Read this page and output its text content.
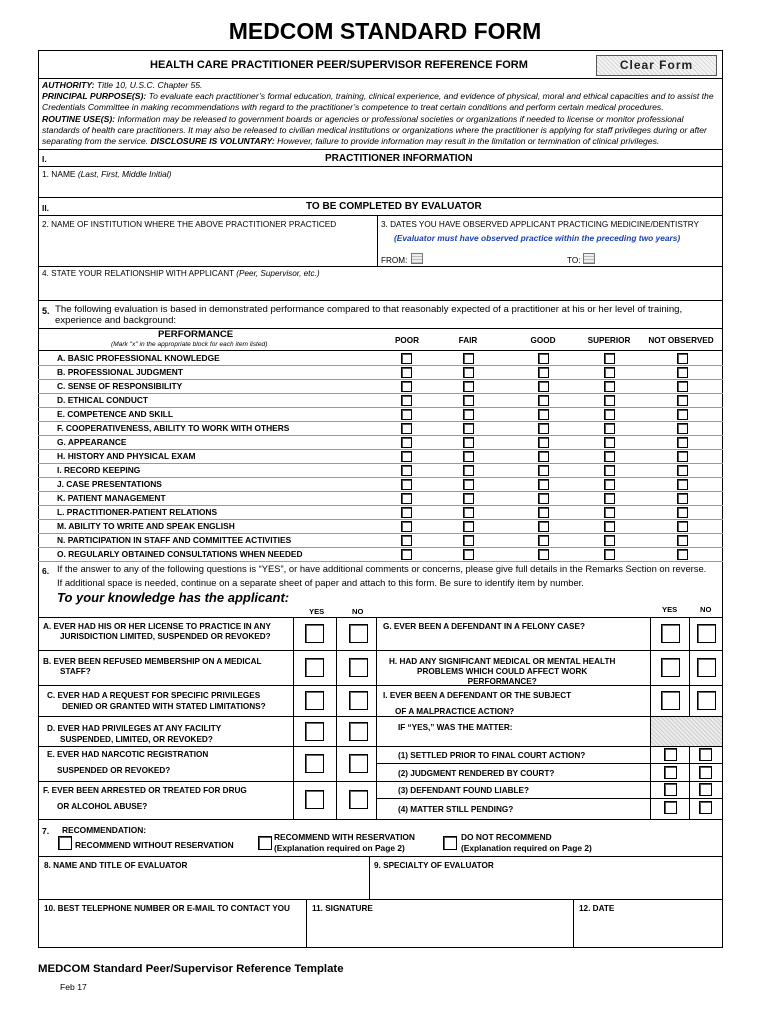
MEDCOM STANDARD FORM
HEALTH CARE PRACTITIONER PEER/SUPERVISOR REFERENCE FORM	Clear Form
AUTHORITY: Title 10, U.S.C. Chapter 55.
PRINCIPAL PURPOSE(S): To evaluate each practitioner’s formal education, training, clinical experience, and evidence of physical, moral and ethical capacities and to assist the
Credentials Committee in making recommendations with regard to the practitioner’s competence to treat certain conditions and perform certain medical procedures.
ROUTINE USE(S): Information may be released to government boards or agencies or professional societies or organizations if needed to license or monitor professional
standards of health care practitioners. It may also be released to civilian medical institutions or organizations where the practitioner is applying for staff privileges during or after
separating from the service. DISCLOSURE IS VOLUNTARY: However, failure to provide information may result in the limitation or termination of clinical privileges.
I.	PRACTITIONER INFORMATION
1. NAME (Last, First, Middle Initial)
II.	TO BE COMPLETED BY EVALUATOR
2. NAME OF INSTITUTION WHERE THE ABOVE PRACTITIONER PRACTICED	3. DATES YOU HAVE OBSERVED APPLICANT PRACTICING MEDICINE/DENTISTRY
(Evaluator must have observed practice within the preceding two years)
FROM:	TO:
4. STATE YOUR RELATIONSHIP WITH APPLICANT (Peer, Supervisor, etc.)
5. The following evaluation is based in demonstrated performance compared to that reasonably expected of a practitioner at his or her level of training,
experience and background:
PERFORMANCE
(Mark "x" in the appropriate block for each item listed)	POOR	FAIR	GOOD	SUPERIOR NOT OBSERVED
A. BASIC PROFESSIONAL KNOWLEDGE
B. PROFESSIONAL JUDGMENT
C. SENSE OF RESPONSIBILITY
D. ETHICAL CONDUCT
E. COMPETENCE AND SKILL
F. COOPERATIVENESS, ABILITY TO WORK WITH OTHERS
G. APPEARANCE
H. HISTORY AND PHYSICAL EXAM
I. RECORD KEEPING
J. CASE PRESENTATIONS
K. PATIENT MANAGEMENT
L. PRACTITIONER-PATIENT RELATIONS
M. ABILITY TO WRITE AND SPEAK ENGLISH
N. PARTICIPATION IN STAFF AND COMMITTEE ACTIVITIES
O. REGULARLY OBTAINED CONSULTATIONS WHEN NEEDED
6. If the answer to any of the following questions is “YES”, or have additional comments or concerns, please give full details in the Remarks Section on reverse.
If additional space is needed, continue on a separate sheet of paper and attach to this form. Be sure to identify item by number.
To your knowledge has the applicant:
YES	NO	YES	NO
A. EVER HAD HIS OR HER LICENSE TO PRACTICE IN ANY
JURISDICTION LIMITED, SUSPENDED OR REVOKED?
B. EVER BEEN REFUSED MEMBERSHIP ON A MEDICAL
STAFF?
C. EVER HAD A REQUEST FOR SPECIFIC PRIVILEGES
DENIED OR GRANTED WITH STATED LIMITATIONS?
D. EVER HAD PRIVILEGES AT ANY FACILITY
SUSPENDED, LIMITED, OR REVOKED?
E. EVER HAD NARCOTIC REGISTRATION
SUSPENDED OR REVOKED?
F. EVER BEEN ARRESTED OR TREATED FOR DRUG
OR ALCOHOL ABUSE?
G. EVER BEEN A DEFENDANT IN A FELONY CASE?
H. HAD ANY SIGNIFICANT MEDICAL OR MENTAL HEALTH
PROBLEMS WHICH COULD AFFECT WORK
PERFORMANCE?
I. EVER BEEN A DEFENDANT OR THE SUBJECT
OF A MALPRACTICE ACTION?
IF “YES,” WAS THE MATTER:
(1) SETTLED PRIOR TO FINAL COURT ACTION?
(2) JUDGMENT RENDERED BY COURT?
(3) DEFENDANT FOUND LIABLE?
(4) MATTER STILL PENDING?
7. RECOMMENDATION:
RECOMMEND WITHOUT RESERVATION
RECOMMEND WITH RESERVATION
(Explanation required on Page 2)
DO NOT RECOMMEND
(Explanation required on Page 2)
8. NAME AND TITLE OF EVALUATOR	9. SPECIALTY OF EVALUATOR
10. BEST TELEPHONE NUMBER OR E-MAIL TO CONTACT YOU	11. SIGNATURE	12. DATE
MEDCOM Standard Peer/Supervisor Reference Template
Feb 17
